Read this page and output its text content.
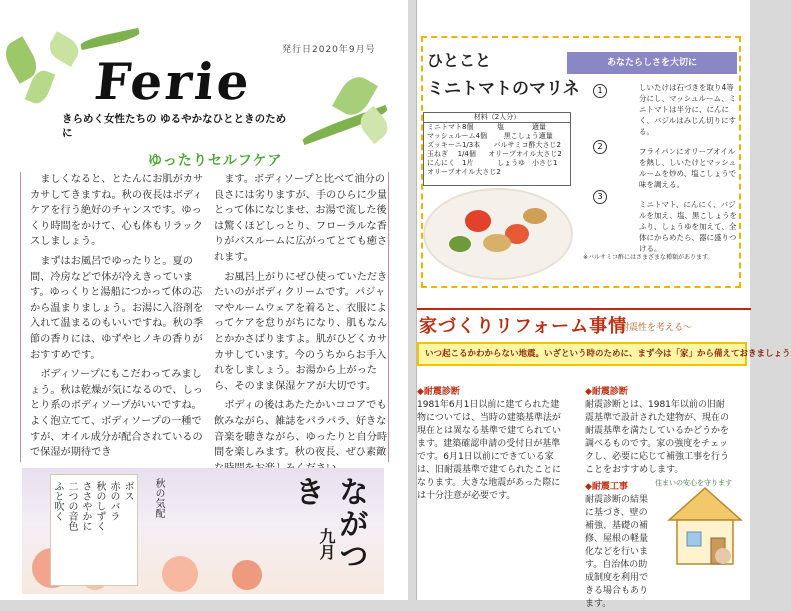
発行日2020年9月号
Ferie
きらめく女性たちの ゆるやかなひとときのために
ゆったりセルフケア

ましくなると、とたんにお肌がカサカサしてきますね。秋の夜長はボディケアを行う絶好のチャンスです。ゆっくり時間をかけて、心も体もリラックスしましょう。

まずはお風呂でゆったりと。夏の間、冷房などで体が冷えきっています。ゆっくりと湯船につかって体の芯から温まりましょう。お湯に入浴剤を入れて温まるのもいいですね。秋の季節の香りには、ゆずやヒノキの香りがおすすめです。

ボディソープにもこだわってみましょう。秋は乾燥が気になるので、しっとり系のボディソープがいいですね。よく泡立てて、ボディソープの一種ですが、オイル成分が配合されているので保湿が期待でき

ます。ボディソープと比べて油分の良さには劣りますが、手のひらに少量とって体になじませ、お湯で流した後は驚くほどしっとり、フローラルな香りがバスルームに広がってとても癒されます。

お風呂上がりにぜひ使っていただきたいのがボディクリームです。パジャマやルームウェアを着ると、衣服によってケアを怠りがちになり、肌もなんとかかさばりますよ。肌がひどくカサカサしています。今のうちからお手入れをしましょう。お湯から上がったら、そのまま保湿ケアが大切です。

ボディの後はあたたかいココアでも飲みながら、雑誌をパラパラ、好きな音楽を聴きながら、ゆったりと自分時間を楽しみます。秋の夜長、ぜひ素敵

ボス
赤のバラ
秋のしずく
ささやかに
二つの音色
ふと吹く	秋の気配	ながつき
九月
ひとこと
ミニトマトのマリネ
あなたらしさを大切に
材料（2人分）
ミニトマト 8個	塩	適量
マッシュルーム 4個	黒こしょう 適量
ズッキーニ 1/3本	バルサミコ酢 大さじ2
玉ねぎ	1/4個	オリーブオイル 大さじ2
にんにく	1片	しょうゆ	小さじ1
オリーブオイル 大さじ2
1
2
3

しいたけは石づきを取り4等分にし、マッシュルーム、ミニトマトは半分に、にんにく、バジルはみじん切りにする。

フライパンにオリーブオイルを熱し、しいたけとマッシュルームを炒め、塩こしょうで味を調える。

ミニトマト、にんにく、バジルを加え、塩、黒こしょうをふり、しょうゆを加えて、全体にからめたら、器に盛りつける。

※バルサミコ酢にはさまざまな種類があります。
家づくりリフォーム事情
～耐震性を考える～
いつ起こるかわからない地震。いざという時のために、まず今は「家」から備えておきましょう
◆耐震診断
1981年6月1日以前に建てられた建物については、当時の建築基準法が現在とは異なる基準で建てられています。建築確認申請の受付日が基準です。6月1日以前にできている家は、旧耐震基準で建てられたことになります。大きな地震があった際には十分注意が必要です。
◆耐震診断
耐震診断とは、1981年以前の旧耐震基準で設計された建物が、現在の耐震基準を満たしているかどうかを調べるものです。家の強度をチェックし、必要に応じて補強工事を行うことをおすすめします。
◆耐震工事
耐震診断の結果に基づき、壁の補強、基礎の補修、屋根の軽量化などを行います。自治体の助成制度を利用できる場合もあります。
住まいの安心を守ります
